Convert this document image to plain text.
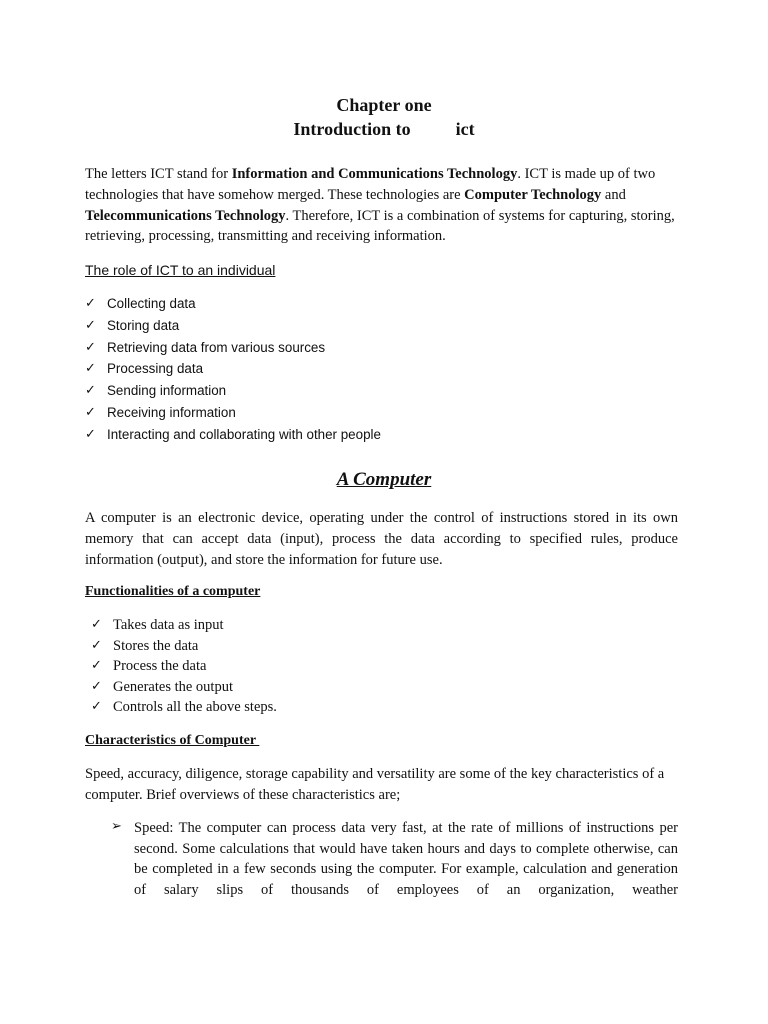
Chapter one
Introduction to          ict
The letters ICT stand for Information and Communications Technology. ICT is made up of two technologies that have somehow merged. These technologies are Computer Technology and Telecommunications Technology. Therefore, ICT is a combination of systems for capturing, storing, retrieving, processing, transmitting and receiving information.
The role of ICT to an individual
✓ Collecting data
✓ Storing data
✓ Retrieving data from various sources
✓ Processing data
✓ Sending information
✓ Receiving information
✓ Interacting and collaborating with other people
A Computer
A computer is an electronic device, operating under the control of instructions stored in its own memory that can accept data (input), process the data according to specified rules, produce information (output), and store the information for future use.
Functionalities of a computer
✓ Takes data as input
✓ Stores the data
✓ Process the data
✓ Generates the output
✓ Controls all the above steps.
Characteristics of Computer
Speed, accuracy, diligence, storage capability and versatility are some of the key characteristics of a computer. Brief overviews of these characteristics are;
➢ Speed: The computer can process data very fast, at the rate of millions of instructions per second. Some calculations that would have taken hours and days to complete otherwise, can be completed in a few seconds using the computer. For example, calculation and generation of salary slips of thousands of employees of an organization, weather
